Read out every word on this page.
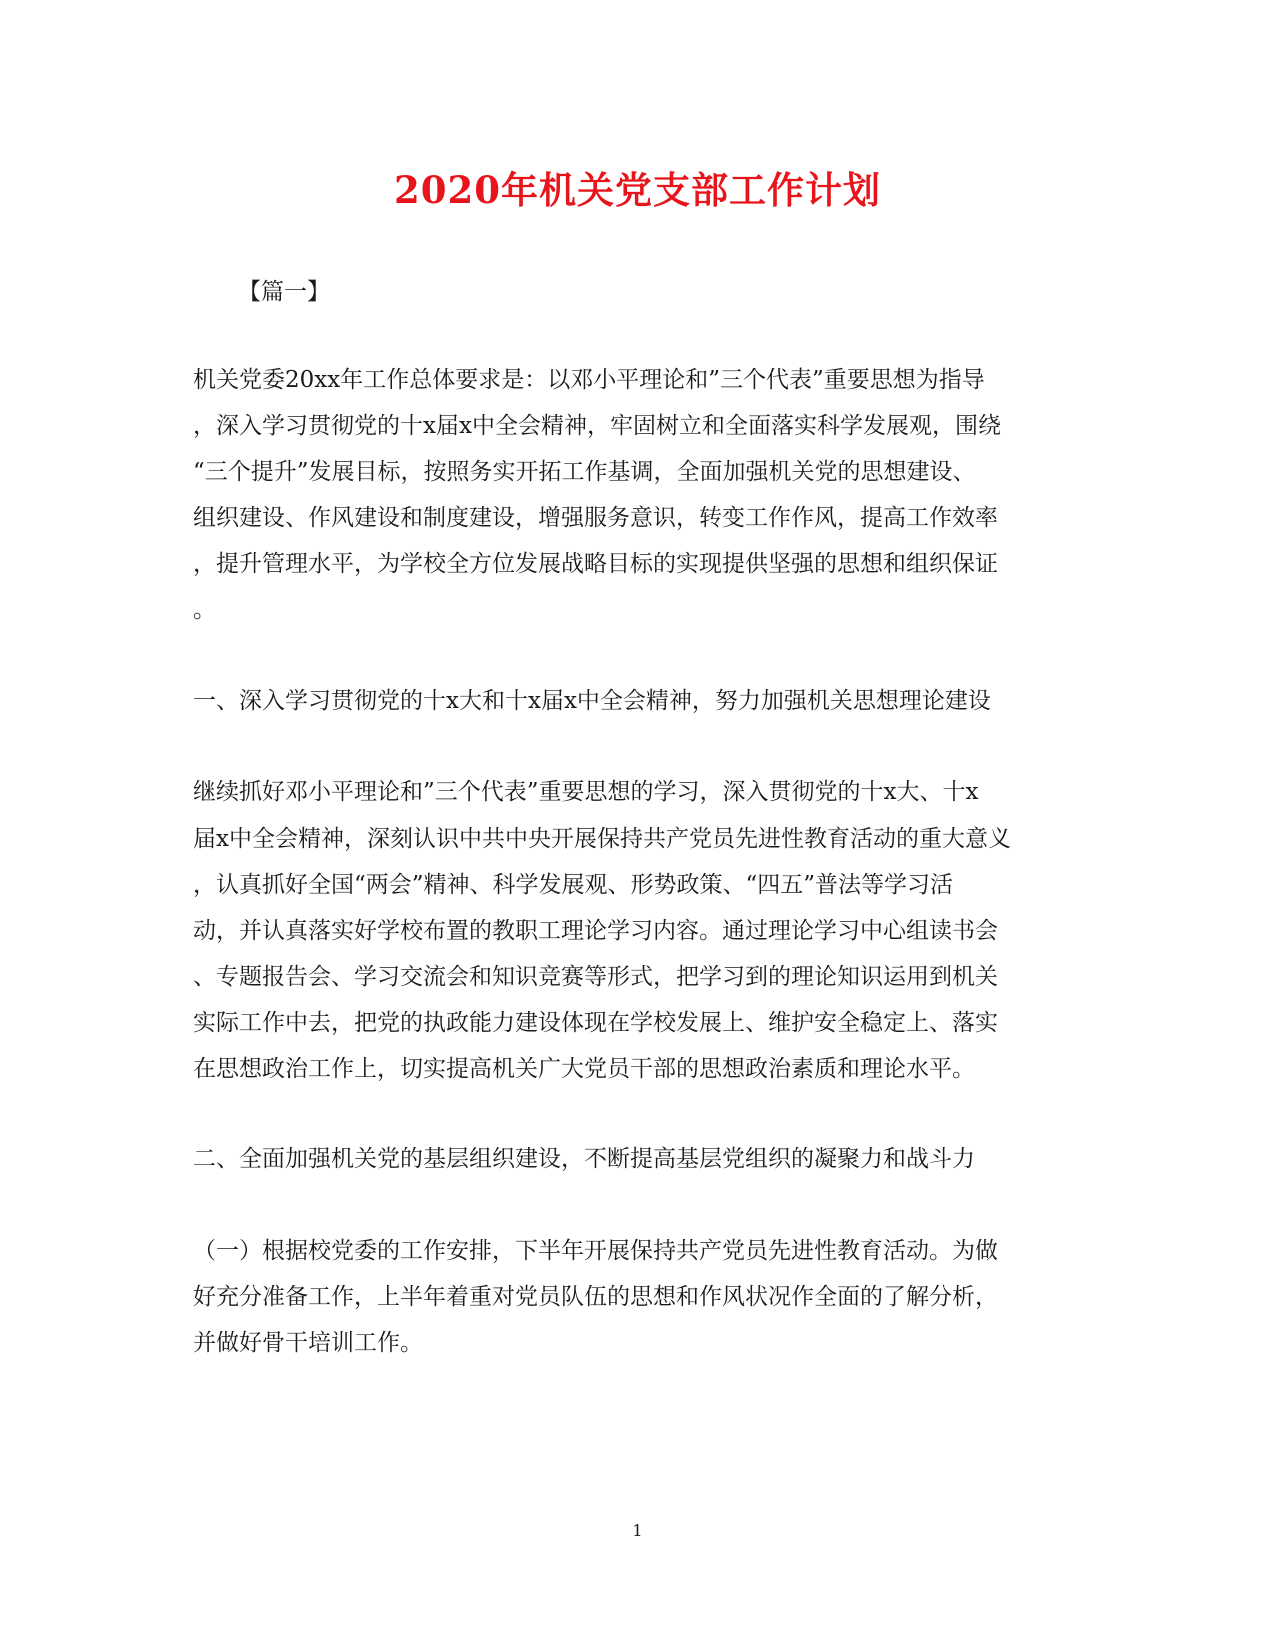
2020年机关党支部工作计划
【篇一】
机关党委20xx年工作总体要求是：以邓小平理论和”三个代表”重要思想为指导
，深入学习贯彻党的十x届x中全会精神，牢固树立和全面落实科学发展观，围绕
“三个提升”发展目标，按照务实开拓工作基调，全面加强机关党的思想建设、
组织建设、作风建设和制度建设，增强服务意识，转变工作作风，提高工作效率
，提升管理水平，为学校全方位发展战略目标的实现提供坚强的思想和组织保证
。
一、深入学习贯彻党的十x大和十x届x中全会精神，努力加强机关思想理论建设
继续抓好邓小平理论和”三个代表”重要思想的学习，深入贯彻党的十x大、十x
届x中全会精神，深刻认识中共中央开展保持共产党员先进性教育活动的重大意义
，认真抓好全国“两会”精神、科学发展观、形势政策、“四五”普法等学习活
动，并认真落实好学校布置的教职工理论学习内容。通过理论学习中心组读书会
、专题报告会、学习交流会和知识竞赛等形式，把学习到的理论知识运用到机关
实际工作中去，把党的执政能力建设体现在学校发展上、维护安全稳定上、落实
在思想政治工作上，切实提高机关广大党员干部的思想政治素质和理论水平。
二、全面加强机关党的基层组织建设，不断提高基层党组织的凝聚力和战斗力
（一）根据校党委的工作安排，下半年开展保持共产党员先进性教育活动。为做
好充分准备工作，上半年着重对党员队伍的思想和作风状况作全面的了解分析，
并做好骨干培训工作。
1
